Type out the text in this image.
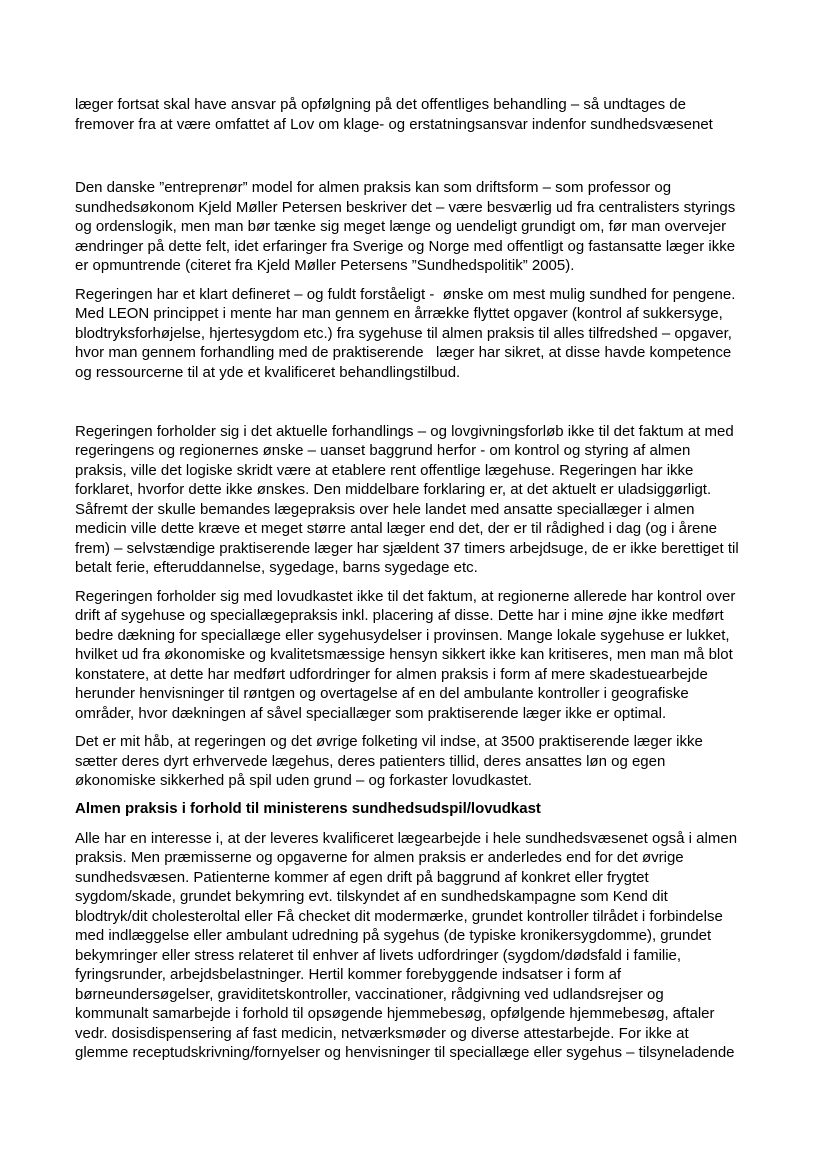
læger fortsat skal have ansvar på opfølgning på det offentliges behandling – så undtages de

fremover fra at være omfattet af Lov om klage- og erstatningsansvar indenfor sundhedsvæsenet

Den danske ”entreprenør” model for almen praksis kan som driftsform – som professor og

sundhedsøkonom Kjeld Møller Petersen beskriver det – være besværlig ud fra centralisters styrings

og ordenslogik, men man bør tænke sig meget længe og uendeligt grundigt om, før man overvejer

ændringer på dette felt, idet erfaringer fra Sverige og Norge med offentligt og fastansatte læger ikke

er opmuntrende (citeret fra Kjeld Møller Petersens ”Sundhedspolitik” 2005).

Regeringen har et klart defineret – og fuldt forståeligt -  ønske om mest mulig sundhed for pengene.

Med LEON princippet i mente har man gennem en årrække flyttet opgaver (kontrol af sukkersyge,

blodtryksforhøjelse, hjertesygdom etc.) fra sygehuse til almen praksis til alles tilfredshed – opgaver,

hvor man gennem forhandling med de praktiserende   læger har sikret, at disse havde kompetence

og ressourcerne til at yde et kvalificeret behandlingstilbud.

Regeringen forholder sig i det aktuelle forhandlings – og lovgivningsforløb ikke til det faktum at med

regeringens og regionernes ønske – uanset baggrund herfor - om kontrol og styring af almen

praksis, ville det logiske skridt være at etablere rent offentlige lægehuse. Regeringen har ikke

forklaret, hvorfor dette ikke ønskes. Den middelbare forklaring er, at det aktuelt er uladsiggørligt.

Såfremt der skulle bemandes lægepraksis over hele landet med ansatte speciallæger i almen

medicin ville dette kræve et meget større antal læger end det, der er til rådighed i dag (og i årene

frem) – selvstændige praktiserende læger har sjældent 37 timers arbejdsuge, de er ikke berettiget til

betalt ferie, efteruddannelse, sygedage, barns sygedage etc.

Regeringen forholder sig med lovudkastet ikke til det faktum, at regionerne allerede har kontrol over

drift af sygehuse og speciallægepraksis inkl. placering af disse. Dette har i mine øjne ikke medført

bedre dækning for speciallæge eller sygehusydelser i provinsen. Mange lokale sygehuse er lukket,

hvilket ud fra økonomiske og kvalitetsmæssige hensyn sikkert ikke kan kritiseres, men man må blot

konstatere, at dette har medført udfordringer for almen praksis i form af mere skadestuearbejde

herunder henvisninger til røntgen og overtagelse af en del ambulante kontroller i geografiske

områder, hvor dækningen af såvel speciallæger som praktiserende læger ikke er optimal.

Det er mit håb, at regeringen og det øvrige folketing vil indse, at 3500 praktiserende læger ikke

sætter deres dyrt erhvervede lægehus, deres patienters tillid, deres ansattes løn og egen

økonomiske sikkerhed på spil uden grund – og forkaster lovudkastet.

Almen praksis i forhold til ministerens sundhedsudspil/lovudkast

Alle har en interesse i, at der leveres kvalificeret lægearbejde i hele sundhedsvæsenet også i almen

praksis. Men præmisserne og opgaverne for almen praksis er anderledes end for det øvrige

sundhedsvæsen. Patienterne kommer af egen drift på baggrund af konkret eller frygtet

sygdom/skade, grundet bekymring evt. tilskyndet af en sundhedskampagne som Kend dit

blodtryk/dit cholesteroltal eller Få checket dit modermærke, grundet kontroller tilrådet i forbindelse

med indlæggelse eller ambulant udredning på sygehus (de typiske kronikersygdomme), grundet

bekymringer eller stress relateret til enhver af livets udfordringer (sygdom/dødsfald i familie,

fyringsrunder, arbejdsbelastninger. Hertil kommer forebyggende indsatser i form af

børneundersøgelser, graviditetskontroller, vaccinationer, rådgivning ved udlandsrejser og

kommunalt samarbejde i forhold til opsøgende hjemmebesøg, opfølgende hjemmebesøg, aftaler

vedr. dosisdispensering af fast medicin, netværksmøder og diverse attestarbejde. For ikke at

glemme receptudskrivning/fornyelser og henvisninger til speciallæge eller sygehus – tilsyneladende
